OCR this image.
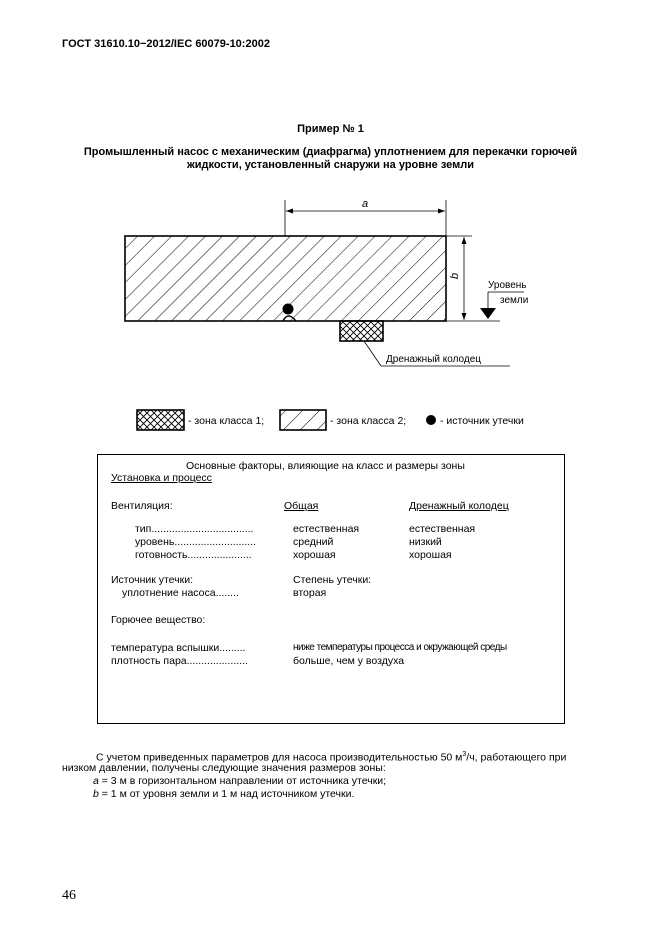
ГОСТ 31610.10−2012/IEC 60079-10:2002
Пример № 1
Промышленный насос с механическим (диафрагма) уплотнением для перекачки горючей жидкости, установленный снаружи на уровне земли
a
b
Уровень
земли
Дренажный колодец
- зона класса 1;	- зона класса 2;	- источник утечки
Основные факторы, влияющие на класс и размеры зоны
Установка и процесс
Вентиляция:	Общая	Дренажный колодец
тип...................................	естественная	естественная
уровень............................	средний	низкий
готовность......................	хорошая	хорошая
Источник утечки:	Степень утечки:
уплотнение насоса........	вторая
Горючее вещество:
температура вспышки.........	ниже температуры процесса и окружающей среды
плотность пара.....................	больше, чем у воздуха
С учетом приведенных параметров для насоса производительностью 50 $м^3/ч$, работающего при
низком давлении, получены следующие значения размеров зоны:
a = 3 м в горизонтальном направлении от источника утечки;
b = 1 м от уровня земли и 1 м над источником утечки.
46
